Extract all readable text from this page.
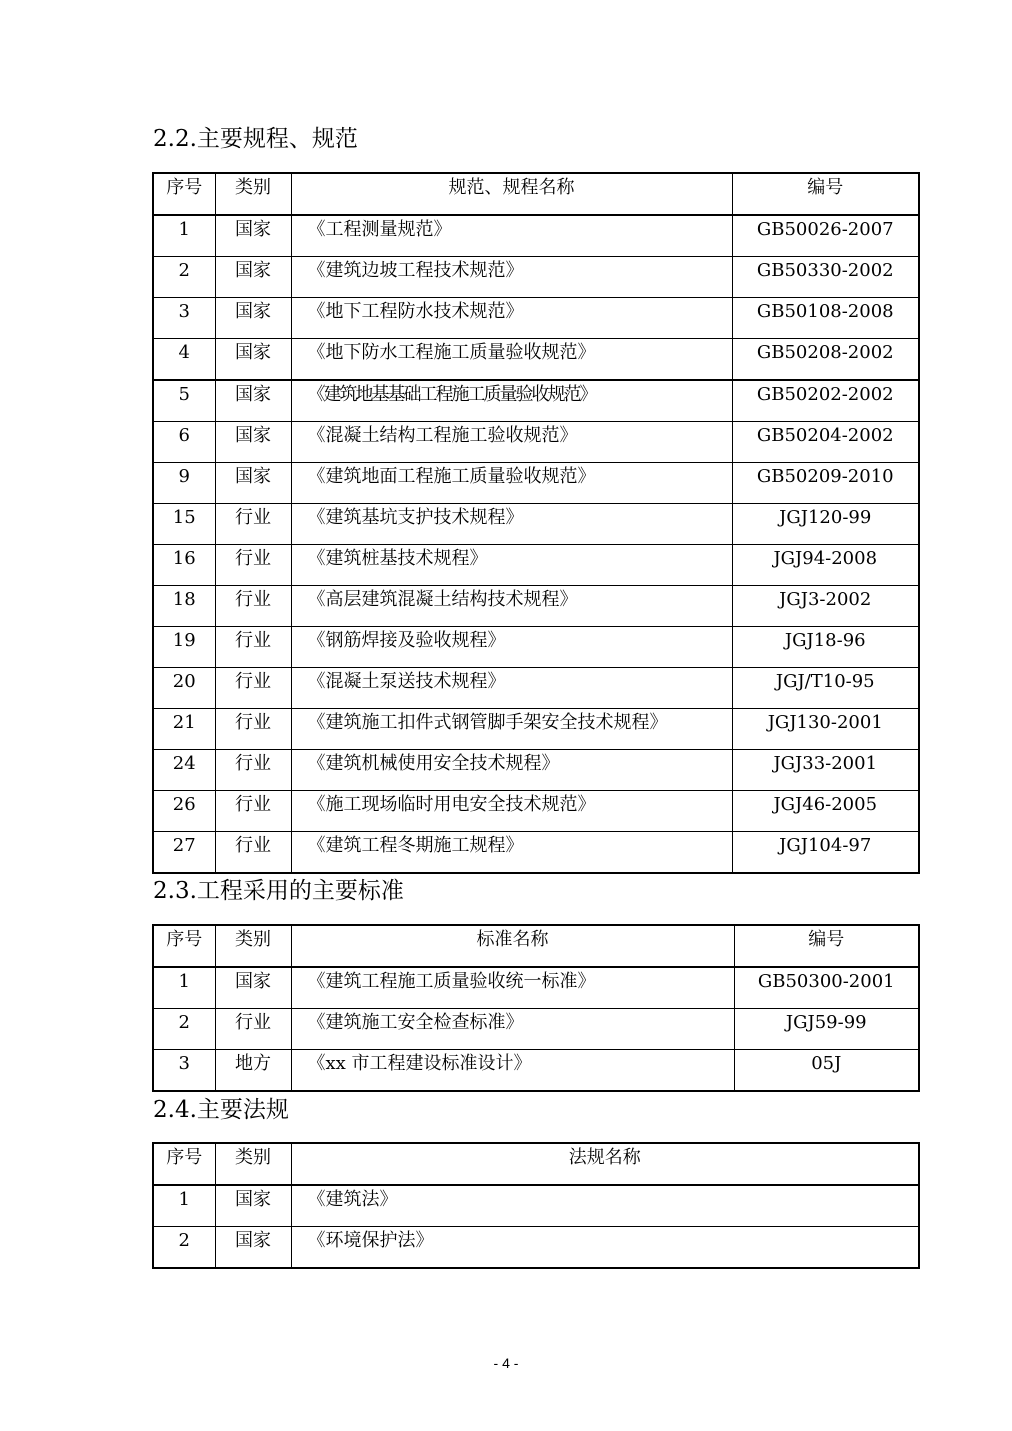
2.2.主要规程、规范
序号	类别	规范、规程名称	编号
1	国家	《工程测量规范》	GB50026-2007
2	国家	《建筑边坡工程技术规范》	GB50330-2002
3	国家	《地下工程防水技术规范》	GB50108-2008
4	国家	《地下防水工程施工质量验收规范》	GB50208-2002
5	国家	《建筑地基基础工程施工质量验收规范》	GB50202-2002
6	国家	《混凝土结构工程施工验收规范》	GB50204-2002
9	国家	《建筑地面工程施工质量验收规范》	GB50209-2010
15	行业	《建筑基坑支护技术规程》	JGJ120-99
16	行业	《建筑桩基技术规程》	JGJ94-2008
18	行业	《高层建筑混凝土结构技术规程》	JGJ3-2002
19	行业	《钢筋焊接及验收规程》	JGJ18-96
20	行业	《混凝土泵送技术规程》	JGJ/T10-95
21	行业	《建筑施工扣件式钢管脚手架安全技术规程》	JGJ130-2001
24	行业	《建筑机械使用安全技术规程》	JGJ33-2001
26	行业	《施工现场临时用电安全技术规范》	JGJ46-2005
27	行业	《建筑工程冬期施工规程》	JGJ104-97
2.3.工程采用的主要标准
序号	类别	标准名称	编号
1	国家	《建筑工程施工质量验收统一标准》	GB50300-2001
2	行业	《建筑施工安全检查标准》	JGJ59-99
3	地方	《xx 市工程建设标准设计》	05J
2.4.主要法规
序号	类别	法规名称
1	国家	《建筑法》
2	国家	《环境保护法》
- 4 -
